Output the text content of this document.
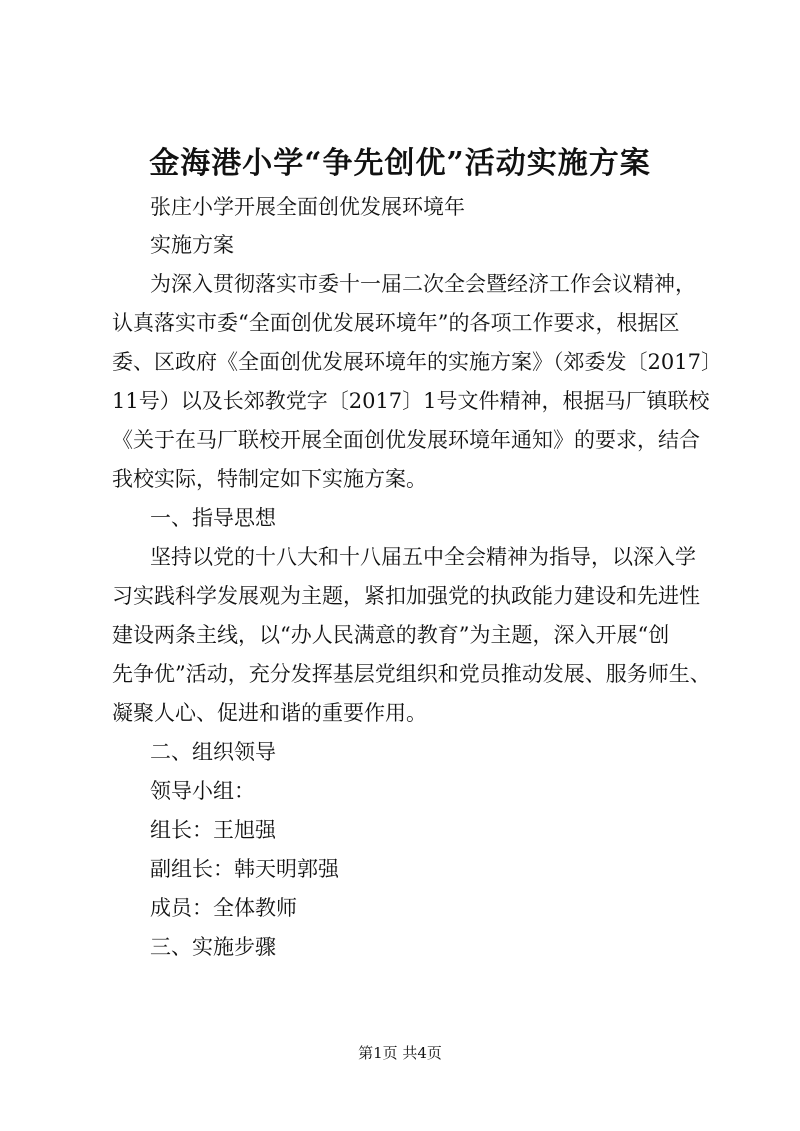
金海港小学“争先创优”活动实施方案
张庄小学开展全面创优发展环境年
实施方案
为深入贯彻落实市委十一届二次全会暨经济工作会议精神，
认真落实市委“全面创优发展环境年”的各项工作要求，根据区
委、区政府《全面创优发展环境年的实施方案》（郊委发〔2017〕
11号）以及长郊教党字〔2017〕1号文件精神，根据马厂镇联校
《关于在马厂联校开展全面创优发展环境年通知》的要求，结合
我校实际，特制定如下实施方案。
一、指导思想
坚持以党的十八大和十八届五中全会精神为指导，以深入学
习实践科学发展观为主题，紧扣加强党的执政能力建设和先进性
建设两条主线，以“办人民满意的教育”为主题，深入开展“创
先争优”活动，充分发挥基层党组织和党员推动发展、服务师生、
凝聚人心、促进和谐的重要作用。
二、组织领导
领导小组：
组长：王旭强
副组长：韩天明郭强
成员：全体教师
三、实施步骤
第1页 共4页
